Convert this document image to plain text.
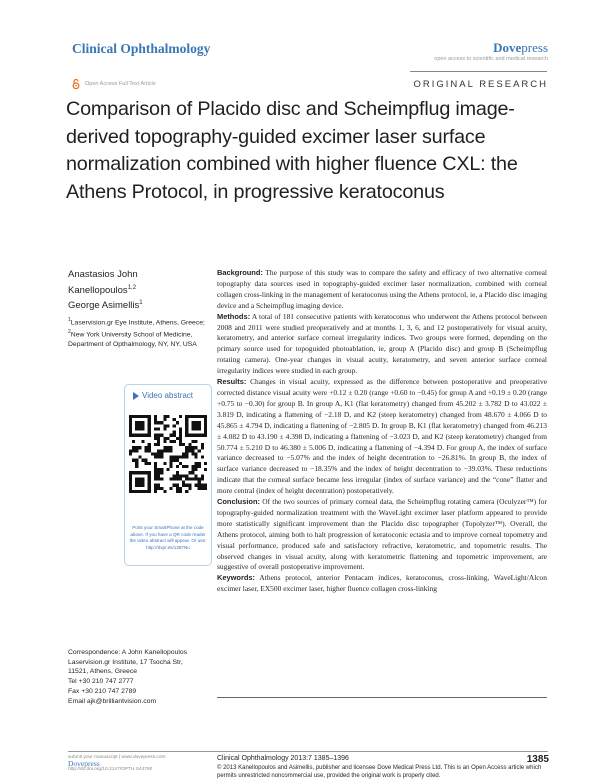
Clinical Ophthalmology	Dovepress
open access to scientific and medical research
Open Access Full Text Article	ORIGINAL RESEARCH
Comparison of Placido disc and Scheimpflug image-derived topography-guided excimer laser surface normalization combined with higher fluence CXL: the Athens Protocol, in progressive keratoconus
Anastasios John
Kanellopoulos$^{1,2}$
George Asimellis$^1$
$^1$Laservision.gr Eye Institute, Athens, Greece; $^2$New York University School of Medicine, Department of Opthalmology, NY, NY, USA
Video abstract
Point your SmartPhone at the code above. If you have a QR code reader the video abstract will appear. Or use: http://dvpr.es/1387Nu

Background: The purpose of this study was to compare the safety and efficacy of two alternative corneal topography data sources used in topography-guided excimer laser normalization, combined with corneal collagen cross-linking in the management of keratoconus using the Athens protocol, ie, a Placido disc imaging device and a Scheimpflug imaging device.

Methods: A total of 181 consecutive patients with keratoconus who underwent the Athens protocol between 2008 and 2011 were studied preoperatively and at months 1, 3, 6, and 12 postoperatively for visual acuity, keratometry, and anterior surface corneal irregularity indices. Two groups were formed, depending on the primary source used for topoguided photoablation, ie, group A (Placido disc) and group B (Scheimpflug rotating camera). One-year changes in visual acuity, keratometry, and seven anterior surface corneal irregularity indices were studied in each group.

Results: Changes in visual acuity, expressed as the difference between postoperative and preoperative corrected distance visual acuity were +0.12 ± 0.20 (range +0.60 to −0.45) for group A and +0.19 ± 0.20 (range +0.75 to −0.30) for group B. In group A, K1 (flat keratometry) changed from 45.202 ± 3.782 D to 43.022 ± 3.819 D, indicating a flattening of −2.18 D, and K2 (steep keratometry) changed from 48.670 ± 4.066 D to 45.865 ± 4.794 D, indicating a flattening of −2.805 D. In group B, K1 (flat keratometry) changed from 46.213 ± 4.082 D to 43.190 ± 4.398 D, indicating a flattening of −3.023 D, and K2 (steep keratometry) changed from 50.774 ± 5.210 D to 46.380 ± 5.006 D, indicating a flattening of −4.394 D. For group A, the index of surface variance decreased to −5.07% and the index of height decentration to −26.81%. In group B, the index of surface variance decreased to −18.35% and the index of height decentration to −39.03%. These reductions indicate that the corneal surface became less irregular (index of surface variance) and the “cone” flatter and more central (index of height decentration) postoperatively.

Conclusion: Of the two sources of primary corneal data, the Scheimpflug rotating camera (Oculyzer™) for topography-guided normalization treatment with the WaveLight excimer laser platform appeared to provide more statistically significant improvement than the Placido disc topographer (Topolyzer™). Overall, the Athens protocol, aiming both to halt progression of keratoconic ectasia and to improve corneal topometry and visual performance, produced safe and satisfactory refractive, keratometric, and topometric results. The observed changes in visual acuity, along with keratometric flattening and topometric improvement, are suggestive of overall postoperative improvement.

Keywords: Athens protocol, anterior Pentacam indices, keratoconus, cross-linking, WaveLight/Alcon excimer laser, EX500 excimer laser, higher fluence collagen cross-linking

Correspondence: A John Kanellopoulos
Laservision.gr Institute, 17 Tsocha Str,
11521, Athens, Greece
Tel +30 210 747 2777
Fax +30 210 747 2789
Email ajk@brilliantvision.com
submit your manuscript | www.dovepress.com
Dovepress
http://dx.doi.org/10.2147/OPTH.S44790
Clinical Ophthalmology 2013:7 1385–1396	1385
© 2013 Kanellopoulos and Asimellis, publisher and licensee Dove Medical Press Ltd. This is an Open Access article which permits unrestricted noncommercial use, provided the original work is properly cited.
